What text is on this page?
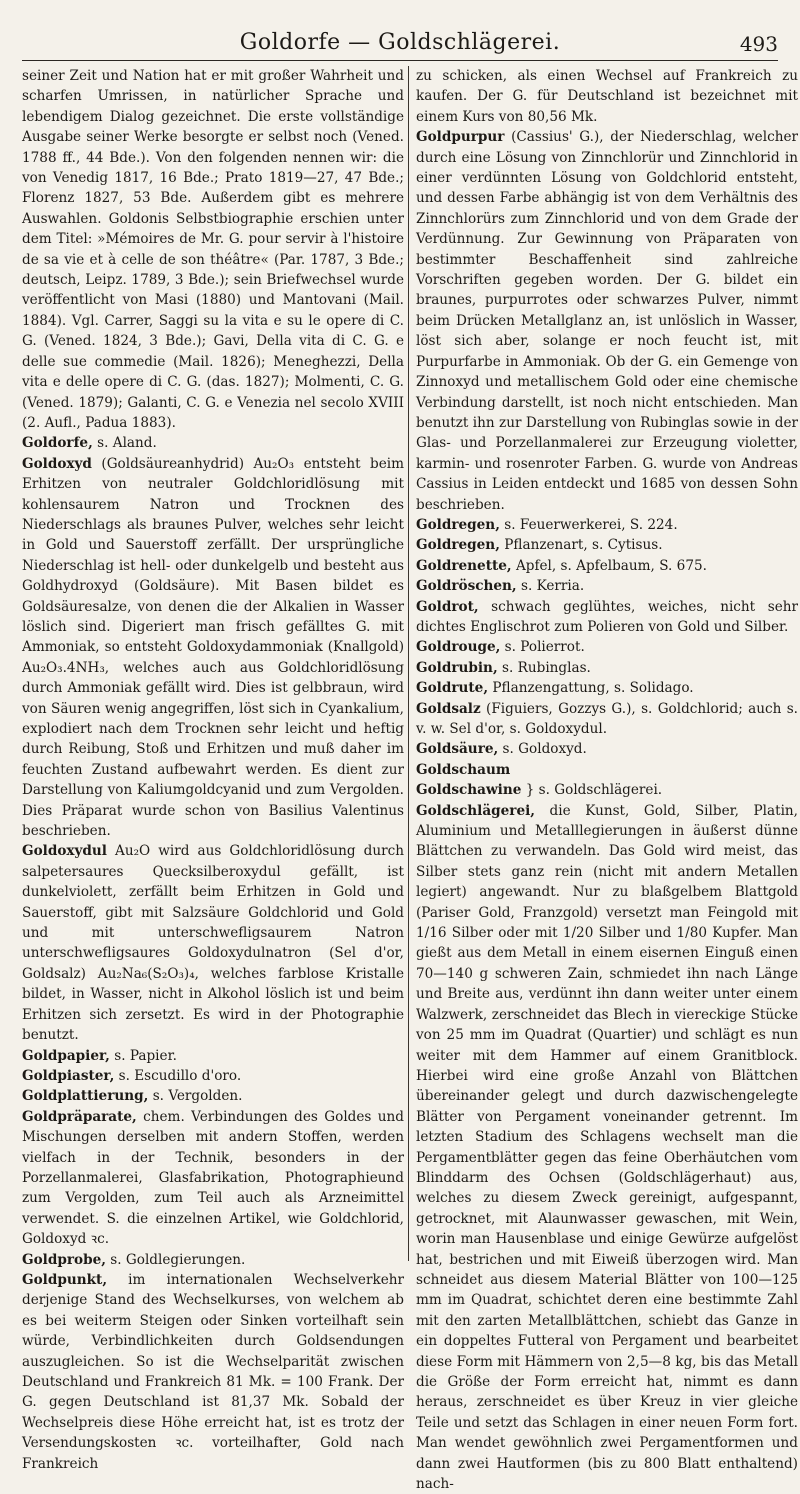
Goldorfe — Goldschlägerei.	493

seiner Zeit und Nation hat er mit großer Wahrheit und scharfen Umrissen, in natürlicher Sprache und lebendigem Dialog gezeichnet. Die erste vollständige Ausgabe seiner Werke besorgte er selbst noch (Vened. 1788 ff., 44 Bde.). Von den folgenden nennen wir: die von Venedig 1817, 16 Bde.; Prato 1819—27, 47 Bde.; Florenz 1827, 53 Bde. Außerdem gibt es mehrere Auswahlen. Goldonis Selbstbiographie erschien unter dem Titel: »Mémoires de Mr. G. pour servir à l'histoire de sa vie et à celle de son théâtre« (Par. 1787, 3 Bde.; deutsch, Leipz. 1789, 3 Bde.); sein Briefwechsel wurde veröffentlicht von Masi (1880) und Mantovani (Mail. 1884). Vgl. Carrer, Saggi su la vita e su le opere di C. G. (Vened. 1824, 3 Bde.); Gavi, Della vita di C. G. e delle sue commedie (Mail. 1826); Meneghezzi, Della vita e delle opere di C. G. (das. 1827); Molmenti, C. G. (Vened. 1879); Galanti, C. G. e Venezia nel secolo XVIII (2. Aufl., Padua 1883).

Goldorfe, s. Aland.

Goldoxyd (Goldsäureanhydrid) Au₂O₃ entsteht beim Erhitzen von neutraler Goldchloridlösung mit kohlensaurem Natron und Trocknen des Niederschlags als braunes Pulver, welches sehr leicht in Gold und Sauerstoff zerfällt. Der ursprüngliche Niederschlag ist hell- oder dunkelgelb und besteht aus Goldhydroxyd (Goldsäure). Mit Basen bildet es Goldsäuresalze, von denen die der Alkalien in Wasser löslich sind. Digeriert man frisch gefälltes G. mit Ammoniak, so entsteht Goldoxydammoniak (Knallgold) Au₂O₃.4NH₃, welches auch aus Goldchloridlösung durch Ammoniak gefällt wird. Dies ist gelbbraun, wird von Säuren wenig angegriffen, löst sich in Cyankalium, explodiert nach dem Trocknen sehr leicht und heftig durch Reibung, Stoß und Erhitzen und muß daher im feuchten Zustand aufbewahrt werden. Es dient zur Darstellung von Kaliumgoldcyanid und zum Vergolden. Dies Präparat wurde schon von Basilius Valentinus beschrieben.

Goldoxydul Au₂O wird aus Goldchloridlösung durch salpetersaures Quecksilberoxydul gefällt, ist dunkelviolett, zerfällt beim Erhitzen in Gold und Sauerstoff, gibt mit Salzsäure Goldchlorid und Gold und mit unterschwefligsaurem Natron unterschwefligsaures Goldoxydulnatron (Sel d'or, Goldsalz) Au₂Na₆(S₂O₃)₄, welches farblose Kristalle bildet, in Wasser, nicht in Alkohol löslich ist und beim Erhitzen sich zersetzt. Es wird in der Photographie benutzt.

Goldpapier, s. Papier.

Goldpiaster, s. Escudillo d'oro.

Goldplattierung, s. Vergolden.

Goldpräparate, chem. Verbindungen des Goldes und Mischungen derselben mit andern Stoffen, werden vielfach in der Technik, besonders in der Porzellanmalerei, Glasfabrikation, Photographieund zum Vergolden, zum Teil auch als Arzneimittel verwendet. S. die einzelnen Artikel, wie Goldchlorid, Goldoxyd ꝛc.

Goldprobe, s. Goldlegierungen.

Goldpunkt, im internationalen Wechselverkehr derjenige Stand des Wechselkurses, von welchem ab es bei weiterm Steigen oder Sinken vorteilhaft sein würde, Verbindlichkeiten durch Goldsendungen auszugleichen. So ist die Wechselparität zwischen Deutschland und Frankreich 81 Mk. = 100 Frank. Der G. gegen Deutschland ist 81,37 Mk. Sobald der Wechselpreis diese Höhe erreicht hat, ist es trotz der Versendungskosten ꝛc. vorteilhafter, Gold nach Frankreich

zu schicken, als einen Wechsel auf Frankreich zu kaufen. Der G. für Deutschland ist bezeichnet mit einem Kurs von 80,56 Mk.

Goldpurpur (Cassius' G.), der Niederschlag, welcher durch eine Lösung von Zinnchlorür und Zinnchlorid in einer verdünnten Lösung von Goldchlorid entsteht, und dessen Farbe abhängig ist von dem Verhältnis des Zinnchlorürs zum Zinnchlorid und von dem Grade der Verdünnung. Zur Gewinnung von Präparaten von bestimmter Beschaffenheit sind zahlreiche Vorschriften gegeben worden. Der G. bildet ein braunes, purpurrotes oder schwarzes Pulver, nimmt beim Drücken Metallglanz an, ist unlöslich in Wasser, löst sich aber, solange er noch feucht ist, mit Purpurfarbe in Ammoniak. Ob der G. ein Gemenge von Zinnoxyd und metallischem Gold oder eine chemische Verbindung darstellt, ist noch nicht entschieden. Man benutzt ihn zur Darstellung von Rubinglas sowie in der Glas- und Porzellanmalerei zur Erzeugung violetter, karmin- und rosenroter Farben. G. wurde von Andreas Cassius in Leiden entdeckt und 1685 von dessen Sohn beschrieben.

Goldregen, s. Feuerwerkerei, S. 224.

Goldregen, Pflanzenart, s. Cytisus.

Goldrenette, Apfel, s. Apfelbaum, S. 675.

Goldröschen, s. Kerria.

Goldrot, schwach geglühtes, weiches, nicht sehr dichtes Englischrot zum Polieren von Gold und Silber.

Goldrouge, s. Polierrot.

Goldrubin, s. Rubinglas.

Goldrute, Pflanzengattung, s. Solidago.

Goldsalz (Figuiers, Gozzys G.), s. Goldchlorid; auch s. v. w. Sel d'or, s. Goldoxydul.

Goldsäure, s. Goldoxyd.

Goldschaum

Goldschawine } s. Goldschlägerei.

Goldschlägerei, die Kunst, Gold, Silber, Platin, Aluminium und Metalllegierungen in äußerst dünne Blättchen zu verwandeln. Das Gold wird meist, das Silber stets ganz rein (nicht mit andern Metallen legiert) angewandt. Nur zu blaßgelbem Blattgold (Pariser Gold, Franzgold) versetzt man Feingold mit 1/16 Silber oder mit 1/20 Silber und 1/80 Kupfer. Man gießt aus dem Metall in einem eisernen Einguß einen 70—140 g schweren Zain, schmiedet ihn nach Länge und Breite aus, verdünnt ihn dann weiter unter einem Walzwerk, zerschneidet das Blech in viereckige Stücke von 25 mm im Quadrat (Quartier) und schlägt es nun weiter mit dem Hammer auf einem Granitblock. Hierbei wird eine große Anzahl von Blättchen übereinander gelegt und durch dazwischengelegte Blätter von Pergament voneinander getrennt. Im letzten Stadium des Schlagens wechselt man die Pergamentblätter gegen das feine Oberhäutchen vom Blinddarm des Ochsen (Goldschlägerhaut) aus, welches zu diesem Zweck gereinigt, aufgespannt, getrocknet, mit Alaunwasser gewaschen, mit Wein, worin man Hausenblase und einige Gewürze aufgelöst hat, bestrichen und mit Eiweiß überzogen wird. Man schneidet aus diesem Material Blätter von 100—125 mm im Quadrat, schichtet deren eine bestimmte Zahl mit den zarten Metallblättchen, schiebt das Ganze in ein doppeltes Futteral von Pergament und bearbeitet diese Form mit Hämmern von 2,5—8 kg, bis das Metall die Größe der Form erreicht hat, nimmt es dann heraus, zerschneidet es über Kreuz in vier gleiche Teile und setzt das Schlagen in einer neuen Form fort. Man wendet gewöhnlich zwei Pergamentformen und dann zwei Hautformen (bis zu 800 Blatt enthaltend) nach-
